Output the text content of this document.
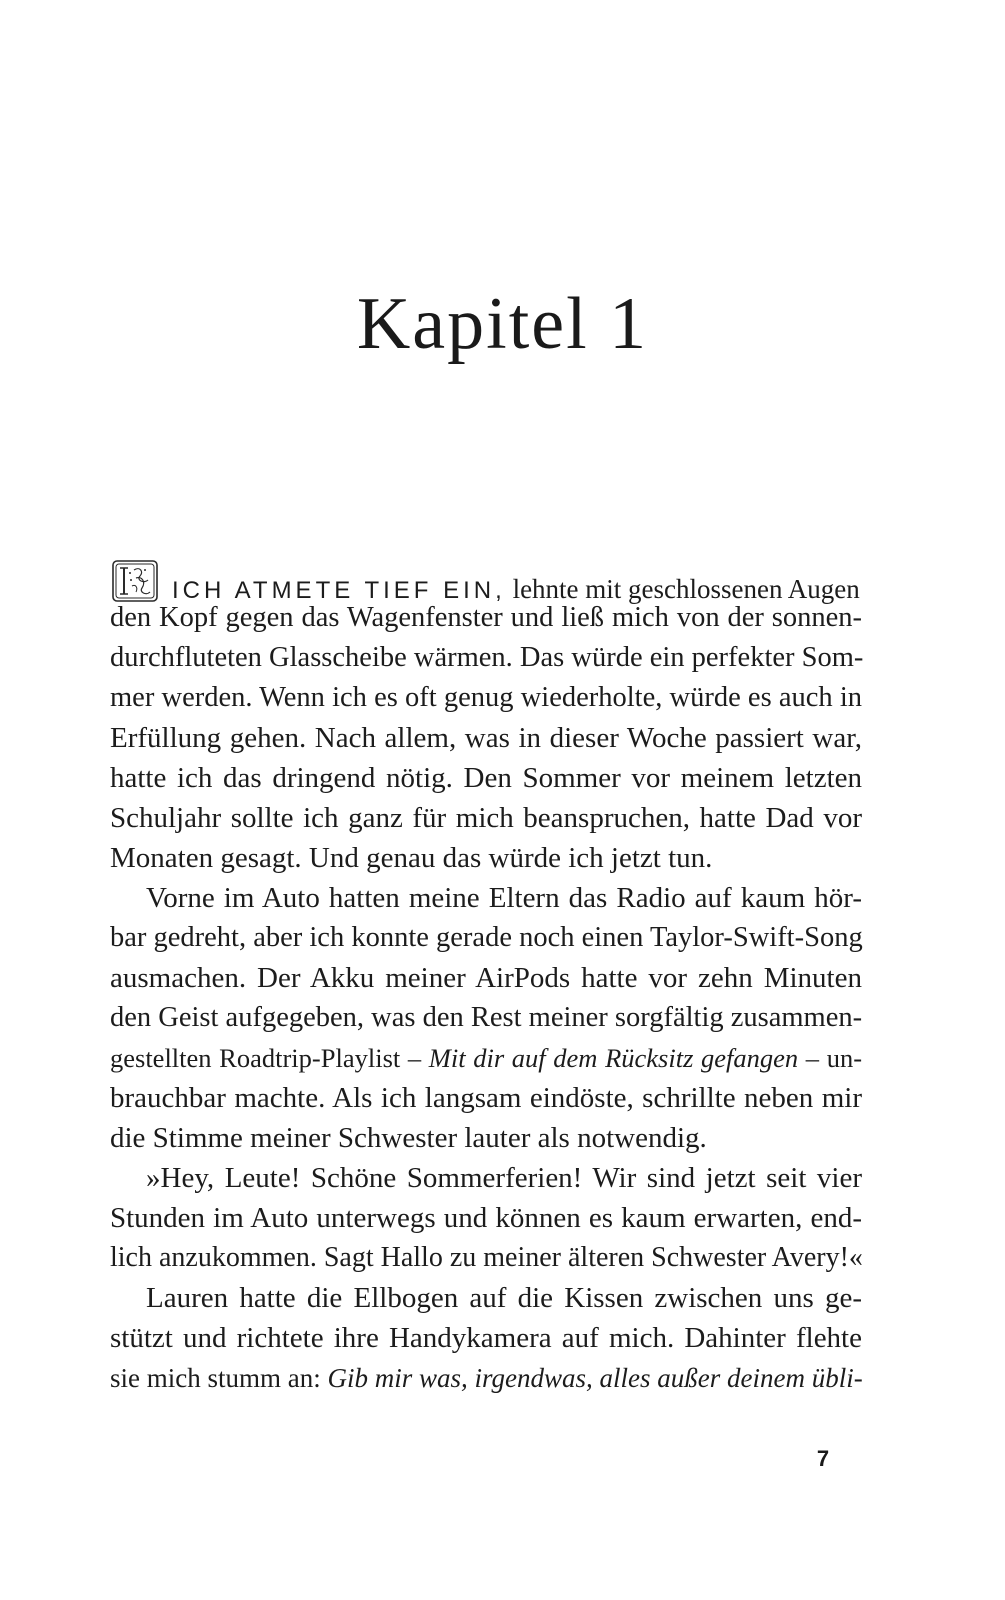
Kapitel 1
ICH ATMETE TIEF EIN, lehnte mit geschlossenen Augen
den Kopf gegen das Wagenfenster und ließ mich von der sonnen-
durchfluteten Glasscheibe wärmen. Das würde ein perfekter Som-
mer werden. Wenn ich es oft genug wiederholte, würde es auch in
Erfüllung gehen. Nach allem, was in dieser Woche passiert war,
hatte ich das dringend nötig. Den Sommer vor meinem letzten
Schuljahr sollte ich ganz für mich beanspruchen, hatte Dad vor
Monaten gesagt. Und genau das würde ich jetzt tun.
Vorne im Auto hatten meine Eltern das Radio auf kaum hör-
bar gedreht, aber ich konnte gerade noch einen Taylor-Swift-Song
ausmachen. Der Akku meiner AirPods hatte vor zehn Minuten
den Geist aufgegeben, was den Rest meiner sorgfältig zusammen-
gestellten Roadtrip-Playlist – Mit dir auf dem Rücksitz gefangen – un-
brauchbar machte. Als ich langsam eindöste, schrillte neben mir
die Stimme meiner Schwester lauter als notwendig.
»Hey, Leute! Schöne Sommerferien! Wir sind jetzt seit vier
Stunden im Auto unterwegs und können es kaum erwarten, end-
lich anzukommen. Sagt Hallo zu meiner älteren Schwester Avery!«
Lauren hatte die Ellbogen auf die Kissen zwischen uns ge-
stützt und richtete ihre Handykamera auf mich. Dahinter flehte
sie mich stumm an: Gib mir was, irgendwas, alles außer deinem übli-
7
